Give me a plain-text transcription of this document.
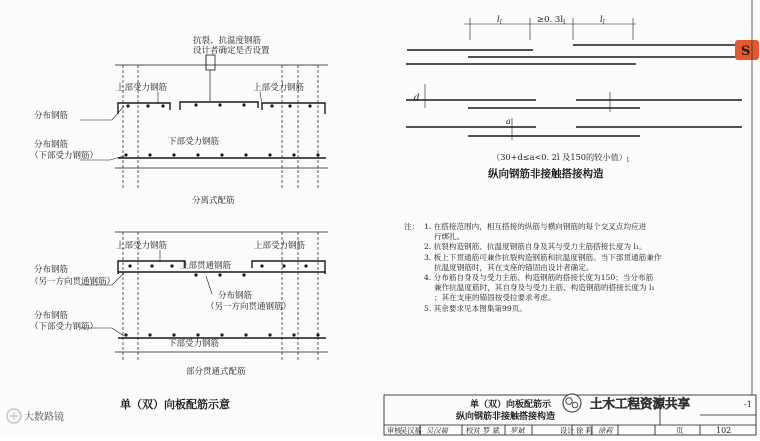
抗裂、抗温度钢筋
设计者确定是否设置
上部受力钢筋	上部受力钢筋
分布钢筋
分布钢筋
（下部受力钢筋）
下部受力钢筋
分离式配筋
上部受力钢筋	上部受力钢筋
上部贯通钢筋
分布钢筋
（另一方向贯通钢筋）
分布钢筋
（另一方向贯通钢筋）
分布钢筋
（下部受力钢筋）
下部受力钢筋
部分贯通式配筋
单（双）向板配筋示意
$l_l$	≥0. $3l_l$	$l_l$
d
a
（30+d≤a<0. 2l 及150的较小值）$_l$
纵向钢筋非接触搭接构造
单（双）向板配筋示
纵向钢筋非接触搭接构造
-1
页	102
审核
吴汉福 吴汉福	校对 罗 斌 罗斌	设计 徐 莉 徐莉
大数路镜
土木工程资源共享
S
注： 1. 在搭接范围内，相互搭接的纵筋与横向钢筋的每个交叉点均应进
行绑扎。
2. 抗裂构造钢筋、抗温度钢筋自身及其与受力主筋搭接长度为 l₁。
3. 板上下贯通筋可兼作抗裂构造钢筋和抗温度钢筋。当下部贯通筋兼作
抗温度钢筋时，其在支座的锚固由设计者确定。
4. 分布筋自身及与受力主筋、构造钢筋的搭接长度为150；当分布筋
兼作抗温度筋时，其自身及与受力主筋、构造钢筋的搭接长度为 l₁
；其在支座的锚固按受拉要求考虑。
5. 其余要求见本图集第99页。
